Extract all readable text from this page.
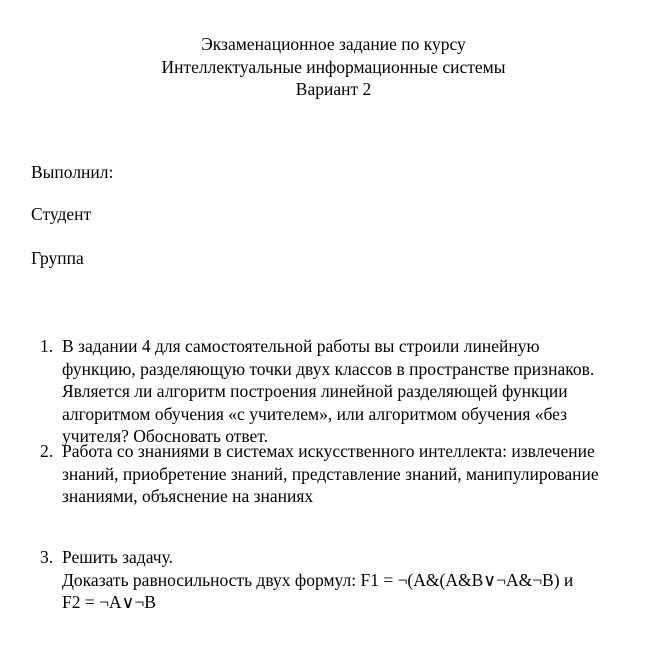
Экзаменационное задание по курсу
Интеллектуальные информационные системы
Вариант 2
Выполнил:
Студент
Группа
1. В задании 4 для самостоятельной работы вы строили линейную
функцию, разделяющую точки двух классов в пространстве признаков.
Является ли алгоритм построения линейной разделяющей функции
алгоритмом обучения «с учителем», или алгоритмом обучения «без
учителя? Обосновать ответ.
2. Работа со знаниями в системах искусственного интеллекта: извлечение
знаний, приобретение знаний, представление знаний, манипулирование
знаниями, объяснение на знаниях
3. Решить задачу.
Доказать равносильность двух формул: F1 = ¬(A&(A&B∨¬A&¬B) и
F2 = ¬A∨¬B
